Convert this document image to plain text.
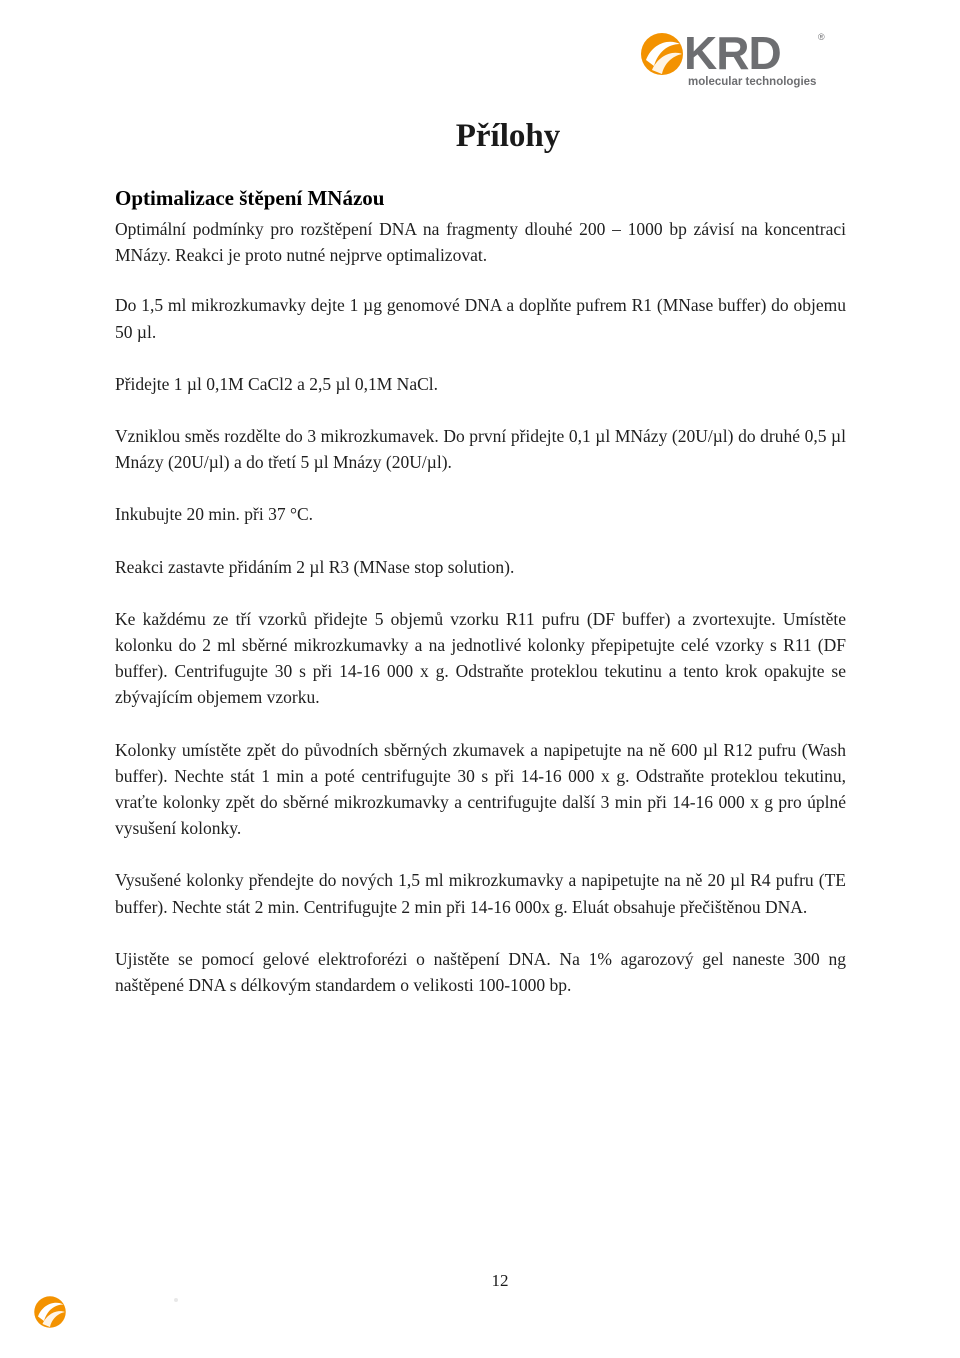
KRD	®
molecular technologies
Přílohy
Optimalizace štěpení MNázou

Optimální podmínky pro rozštěpení DNA na fragmenty dlouhé 200 – 1000 bp závisí na koncentraci MNázy. Reakci je proto nutné nejprve optimalizovat.

Do 1,5 ml mikrozkumavky dejte 1 µg genomové DNA a doplňte pufrem R1 (MNase buffer) do objemu 50 µl.

Přidejte 1 µl 0,1M CaCl2 a 2,5 µl 0,1M NaCl.

Vzniklou směs rozdělte do 3 mikrozkumavek. Do první přidejte 0,1 µl MNázy (20U/µl) do druhé 0,5 µl Mnázy (20U/µl) a do třetí 5 µl Mnázy (20U/µl).

Inkubujte 20 min. při 37 °C.

Reakci zastavte přidáním 2 µl R3 (MNase stop solution).

Ke každému ze tří vzorků přidejte 5 objemů vzorku R11 pufru (DF buffer) a zvortexujte. Umístěte kolonku do 2 ml sběrné mikrozkumavky a na jednotlivé kolonky přepipetujte celé vzorky s R11 (DF buffer). Centrifugujte 30 s při 14-16 000 x g. Odstraňte proteklou tekutinu a tento krok opakujte se zbývajícím objemem vzorku.

Kolonky umístěte zpět do původních sběrných zkumavek a napipetujte na ně 600 µl R12 pufru (Wash buffer). Nechte stát 1 min a poté centrifugujte 30 s při 14-16 000 x g. Odstraňte proteklou tekutinu, vraťte kolonky zpět do sběrné mikrozkumavky a centrifugujte další 3 min při 14-16 000 x g pro úplné vysušení kolonky.

Vysušené kolonky přendejte do nových 1,5 ml mikrozkumavky a napipetujte na ně 20 µl R4 pufru (TE buffer). Nechte stát 2 min. Centrifugujte 2 min při 14-16 000x g. Eluát obsahuje přečištěnou DNA.

Ujistěte se pomocí gelové elektroforézi o naštěpení DNA. Na 1% agarozový gel naneste 300 ng naštěpené DNA s délkovým standardem o velikosti 100-1000 bp.

12
